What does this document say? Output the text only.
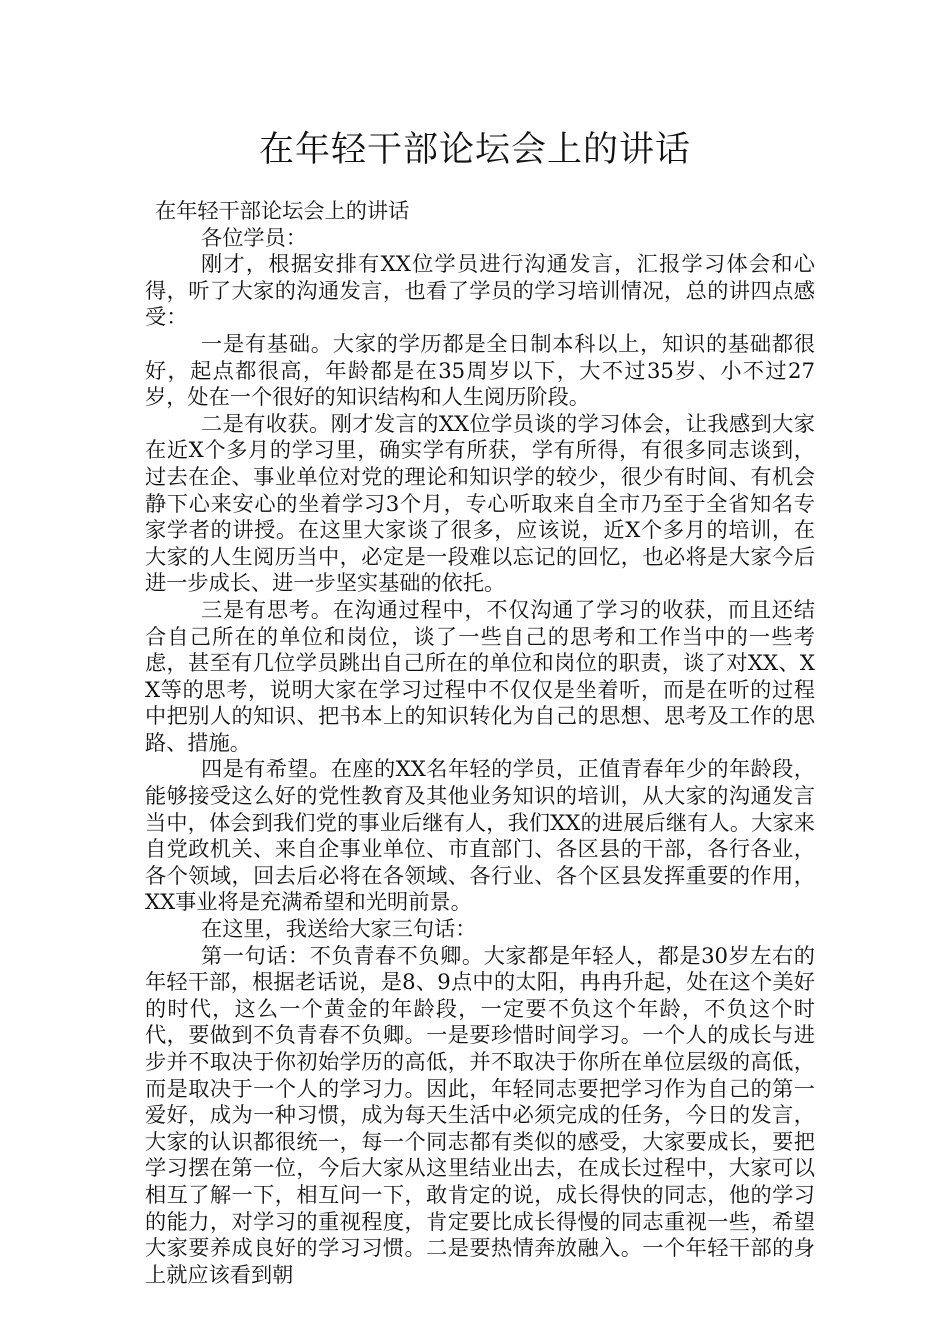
在年轻干部论坛会上的讲话

在年轻干部论坛会上的讲话

各位学员：

刚才，根据安排有XX位学员进行沟通发言，汇报学习体会和心得，听了大家的沟通发言，也看了学员的学习培训情况，总的讲四点感受：

一是有基础。大家的学历都是全日制本科以上，知识的基础都很好，起点都很高，年龄都是在35周岁以下，大不过35岁、小不过27岁，处在一个很好的知识结构和人生阅历阶段。

二是有收获。刚才发言的XX位学员谈的学习体会，让我感到大家在近X个多月的学习里，确实学有所获，学有所得，有很多同志谈到，过去在企、事业单位对党的理论和知识学的较少，很少有时间、有机会静下心来安心的坐着学习3个月，专心听取来自全市乃至于全省知名专家学者的讲授。在这里大家谈了很多，应该说，近X个多月的培训，在大家的人生阅历当中，必定是一段难以忘记的回忆，也必将是大家今后进一步成长、进一步坚实基础的依托。

三是有思考。在沟通过程中，不仅沟通了学习的收获，而且还结合自己所在的单位和岗位，谈了一些自己的思考和工作当中的一些考虑，甚至有几位学员跳出自己所在的单位和岗位的职责，谈了对XX、XX等的思考，说明大家在学习过程中不仅仅是坐着听，而是在听的过程中把别人的知识、把书本上的知识转化为自己的思想、思考及工作的思路、措施。

四是有希望。在座的XX名年轻的学员，正值青春年少的年龄段，能够接受这么好的党性教育及其他业务知识的培训，从大家的沟通发言当中，体会到我们党的事业后继有人，我们XX的进展后继有人。大家来自党政机关、来自企事业单位、市直部门、各区县的干部，各行各业，各个领域，回去后必将在各领域、各行业、各个区县发挥重要的作用，XX事业将是充满希望和光明前景。

在这里，我送给大家三句话：

第一句话：不负青春不负卿。大家都是年轻人，都是30岁左右的年轻干部，根据老话说，是8、9点中的太阳，冉冉升起，处在这个美好的时代，这么一个黄金的年龄段，一定要不负这个年龄，不负这个时代，要做到不负青春不负卿。一是要珍惜时间学习。一个人的成长与进步并不取决于你初始学历的高低，并不取决于你所在单位层级的高低，而是取决于一个人的学习力。因此，年轻同志要把学习作为自己的第一爱好，成为一种习惯，成为每天生活中必须完成的任务，今日的发言，大家的认识都很统一，每一个同志都有类似的感受，大家要成长，要把学习摆在第一位，今后大家从这里结业出去，在成长过程中，大家可以相互了解一下，相互问一下，敢肯定的说，成长得快的同志，他的学习的能力，对学习的重视程度，肯定要比成长得慢的同志重视一些，希望大家要养成良好的学习习惯。二是要热情奔放融入。一个年轻干部的身上就应该看到朝
